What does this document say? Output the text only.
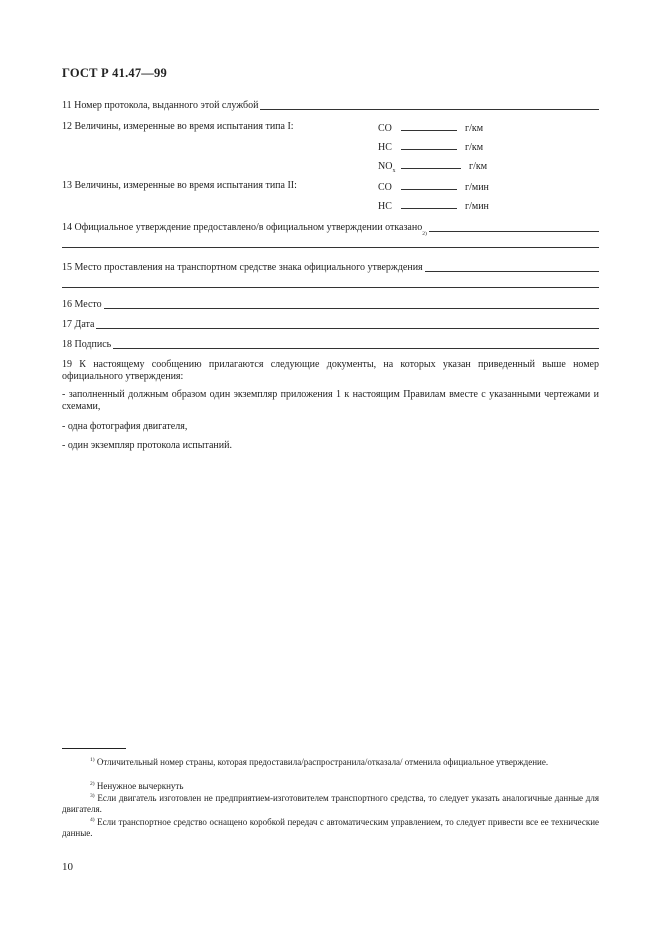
ГОСТ Р 41.47—99
11 Номер протокола, выданного этой службой
12 Величины, измеренные во время испытания типа I:	CO	г/км
HC	г/км
$NO_x$	г/км
13 Величины, измеренные во время испытания типа II:	CO	г/мин
HC	г/мин
14 Официальное утверждение предоставлено/в официальном утверждении отказано
2)
15 Место проставления на транспортном средстве знака официального утверждения
16 Место
17 Дата
18 Подпись
19 К настоящему сообщению прилагаются следующие документы, на которых указан приведенный выше номер официального утверждения:
- заполненный должным образом один экземпляр приложения 1 к настоящим Правилам вместе с указанными чертежами и схемами,
- одна фотография двигателя,
- один экземпляр протокола испытаний.
$^{1)}$ Отличительный номер страны, которая предоставила/распространила/отказала/ отменила официальное утверждение.
$^{2)}$ Ненужное вычеркнуть
$^{3)}$ Если двигатель изготовлен не предприятием-изготовителем транспортного средства, то следует указать аналогичные данные для двигателя.
$^{4)}$ Если транспортное средство оснащено коробкой передач с автоматическим управлением, то следует привести все ее технические данные.
10
